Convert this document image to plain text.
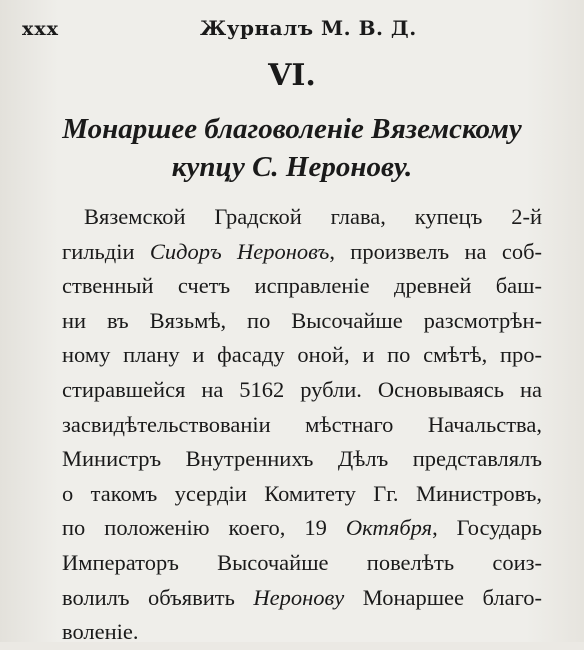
xxx	Журналъ М. В. Д.
VI.
Монаршее благоволенiе Вяземскому
купцу С. Неронову.
Вяземской Градской глава, купецъ 2-й
гильдiи Сидоръ Нероновъ, произвелъ на соб-
ственный счетъ исправленiе древней баш-
ни въ Вязьмѣ, по Высочайше разсмотрѣн-
ному плану и фасаду оной, и по смѣтѣ, про-
стиравшейся на 5162 рубли. Основываясь на
засвидѣтельствованiи мѣстнаго Начальства,
Министръ Внутреннихъ Дѣлъ представлялъ
о такомъ усердiи Комитету Гг. Министровъ,
по положенiю коего, 19 Октября, Государь
Императоръ Высочайше повелѣть соиз-
волилъ объявить Неронову Монаршее благо-
воленiе.
